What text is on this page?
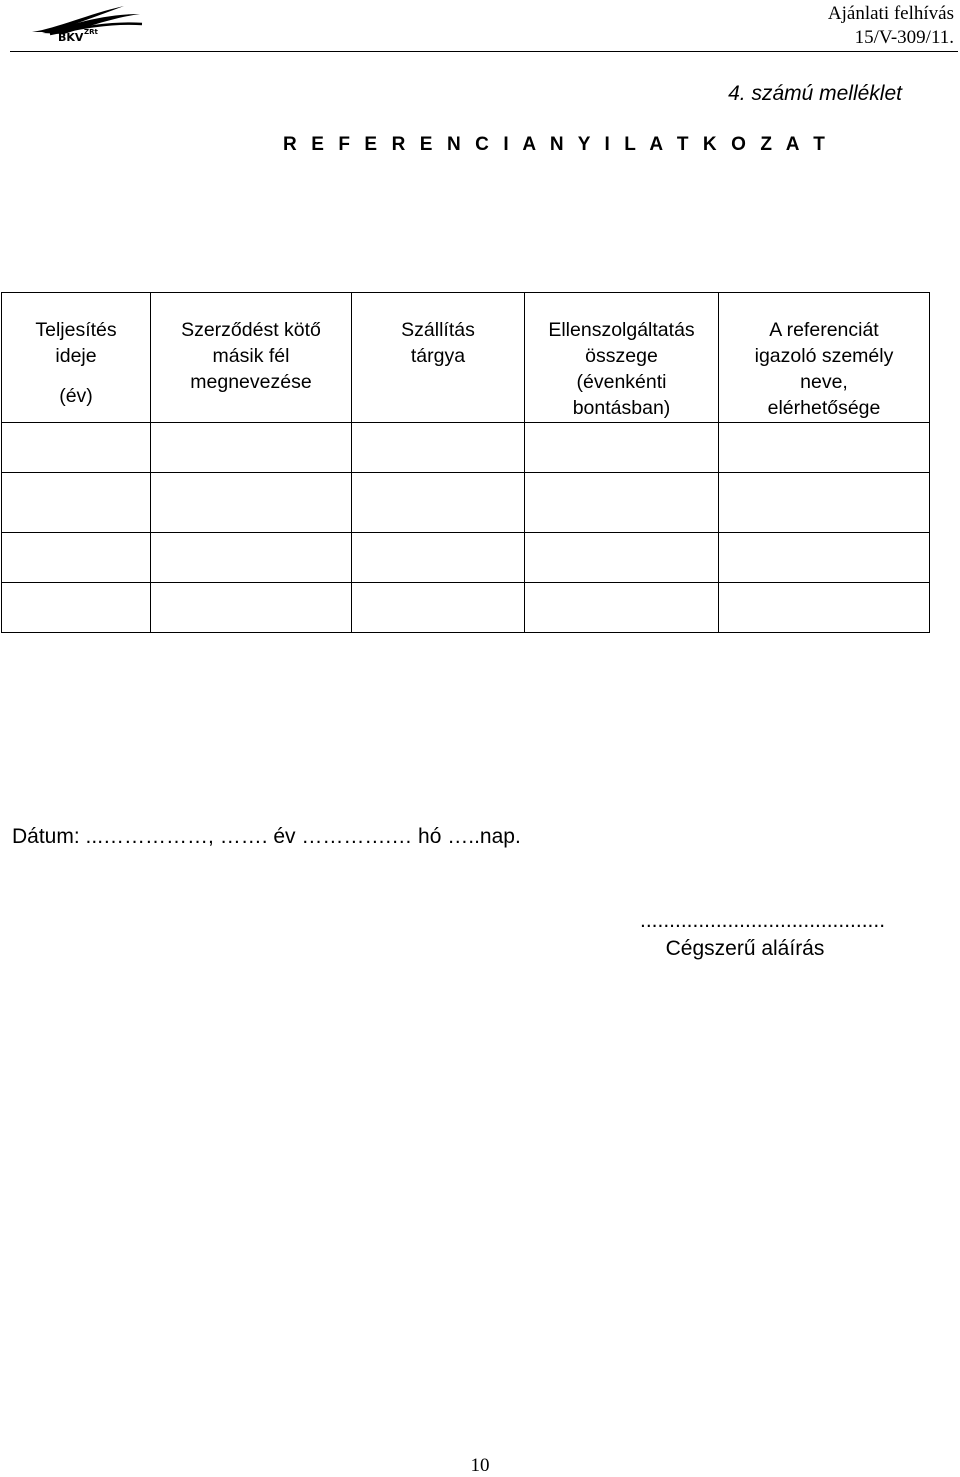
BKV ZRt
Ajánlati felhívás
15/V-309/11.
4. számú melléklet
R E F E R E N C I A N Y I L A T K O Z A T
Teljesítés
ideje
(év)	Szerződést kötő
másik fél
megnevezése	Szállítás
tárgya	Ellenszolgáltatás
összege
(évenkénti
bontásban)	A referenciát
igazoló személy
neve,
elérhetősége

Dátum: ...……………, ……. év ………….… hó …..nap.
..........................................
Cégszerű aláírás
10
